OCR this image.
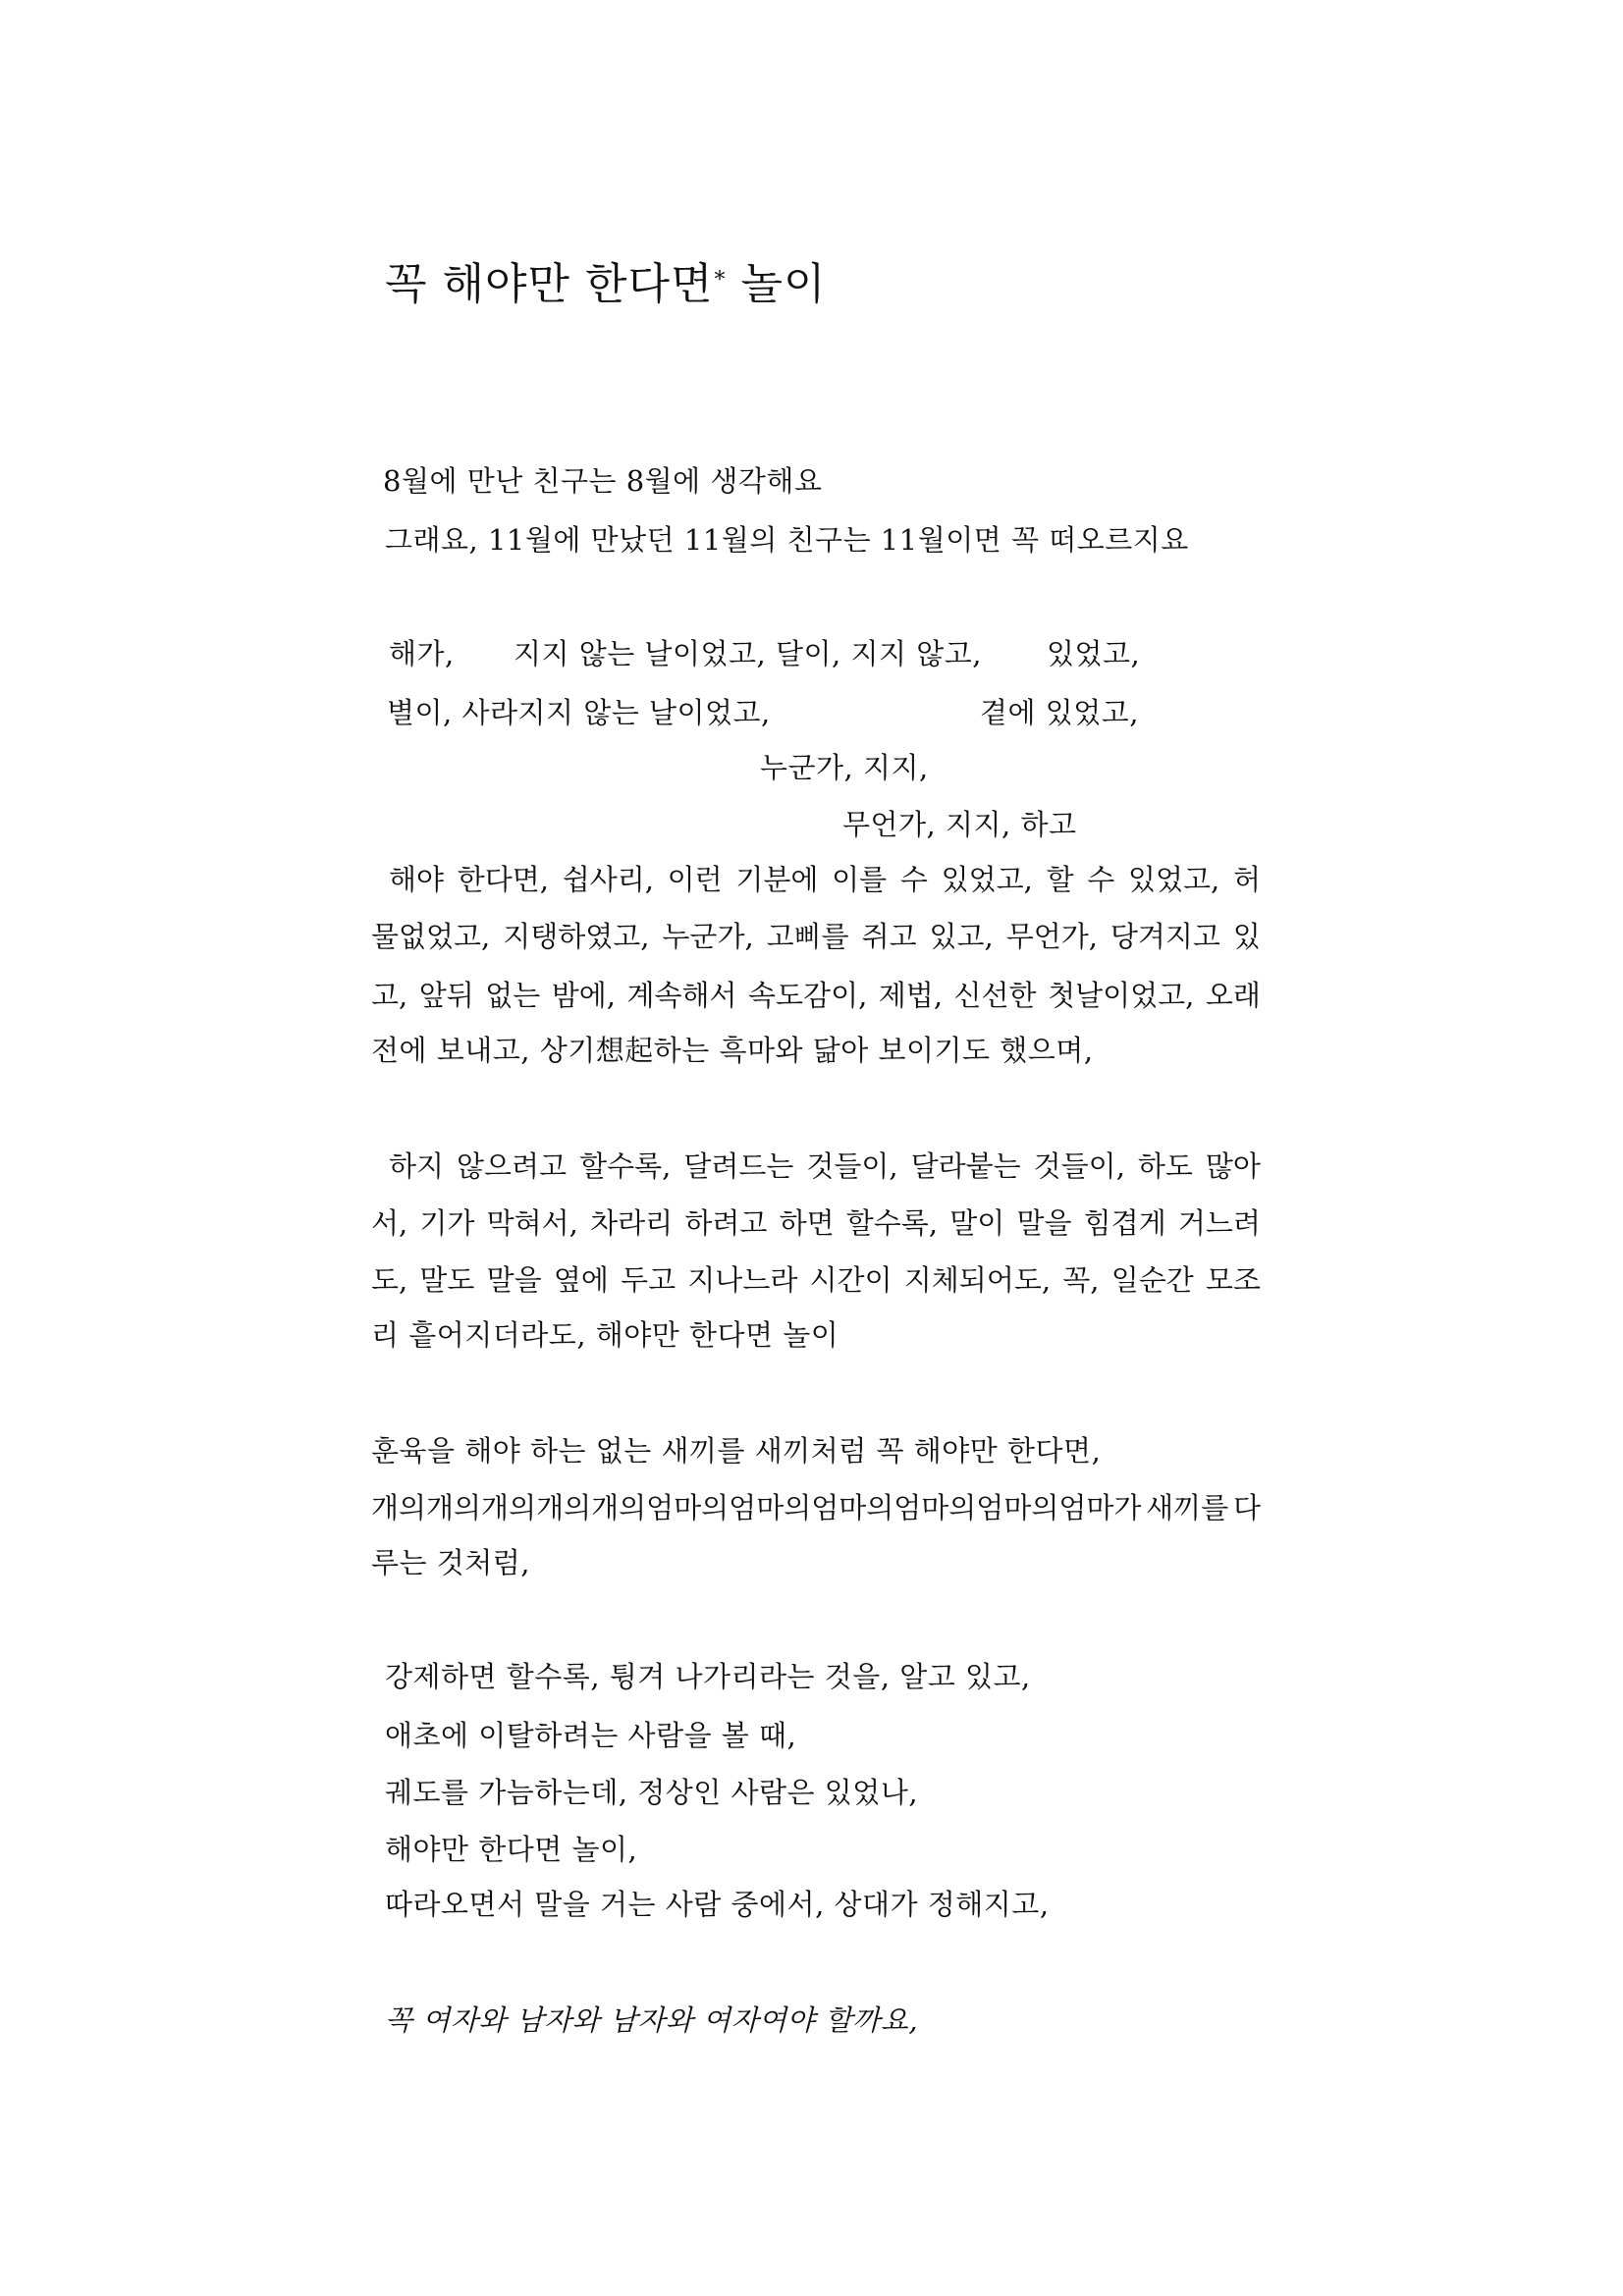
꼭 해야만 한다면* 놀이
8월에 만난 친구는 8월에 생각해요
그래요, 11월에 만났던 11월의 친구는 11월이면 꼭 떠오르지요
해가, 지지 않는 날이었고, 달이, 지지 않고, 있었고,
별이, 사라지지 않는 날이었고,	곁에 있었고,
누군가, 지지,
무언가, 지지, 하고
해야 한다면, 쉽사리, 이런 기분에 이를 수 있었고, 할 수 있었고, 허
물없었고, 지탱하였고, 누군가, 고삐를 쥐고 있고, 무언가, 당겨지고 있
고, 앞뒤 없는 밤에, 계속해서 속도감이, 제법, 신선한 첫날이었고, 오래
전에 보내고, 상기想起하는 흑마와 닮아 보이기도 했으며,
하지 않으려고 할수록, 달려드는 것들이, 달라붙는 것들이, 하도 많아
서, 기가 막혀서, 차라리 하려고 하면 할수록, 말이 말을 힘겹게 거느려
도, 말도 말을 옆에 두고 지나느라 시간이 지체되어도, 꼭, 일순간 모조
리 흩어지더라도, 해야만 한다면 놀이
훈육을 해야 하는 없는 새끼를 새끼처럼 꼭 해야만 한다면,
개의개의개의개의개의엄마의엄마의엄마의엄마의엄마의엄마가 새끼를 다
루는 것처럼,
강제하면 할수록, 튕겨 나가리라는 것을, 알고 있고,
애초에 이탈하려는 사람을 볼 때,
궤도를 가늠하는데, 정상인 사람은 있었나,
해야만 한다면 놀이,
따라오면서 말을 거는 사람 중에서, 상대가 정해지고,
꼭 여자와 남자와 남자와 여자여야 할까요,
